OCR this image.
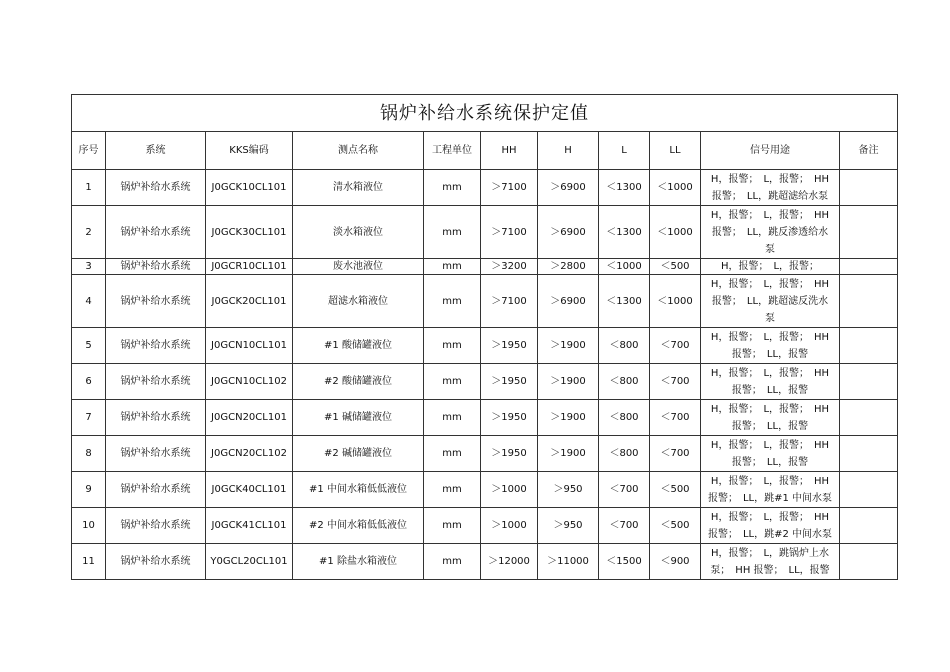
锅炉补给水系统保护定值										
序号	系统	KKS编码	测点名称	工程单位	HH	H	L	LL	信号用途	备注
1	锅炉补给水系统	J0GCK10CL101	清水箱液位	mm	＞7100	＞6900	＜1300	＜1000	H，报警；　L，报警；　HH
报警；　LL，跳超滤给水泵	

2	锅炉补给水系统	J0GCK30CL101	淡水箱液位	mm	＞7100	＞6900	＜1300	＜1000	H，报警；　L，报警；　HH
报警；　LL，跳反渗透给水
泵	

3	锅炉补给水系统	J0GCR10CL101	废水池液位	mm	＞3200	＞2800	＜1000	＜500	H，报警；　L，报警；	

4	锅炉补给水系统	J0GCK20CL101	超滤水箱液位	mm	＞7100	＞6900	＜1300	＜1000	H，报警；　L，报警；　HH
报警；　LL，跳超滤反洗水
泵	

5	锅炉补给水系统	J0GCN10CL101	#1 酸储罐液位	mm	＞1950	＞1900	＜800	＜700	H，报警；　L，报警；　HH
报警；　LL，报警	

6	锅炉补给水系统	J0GCN10CL102	#2 酸储罐液位	mm	＞1950	＞1900	＜800	＜700	H，报警；　L，报警；　HH
报警；　LL，报警	

7	锅炉补给水系统	J0GCN20CL101	#1 碱储罐液位	mm	＞1950	＞1900	＜800	＜700	H，报警；　L，报警；　HH
报警；　LL，报警	

8	锅炉补给水系统	J0GCN20CL102	#2 碱储罐液位	mm	＞1950	＞1900	＜800	＜700	H，报警；　L，报警；　HH
报警；　LL，报警	

9	锅炉补给水系统	J0GCK40CL101	#1 中间水箱低低液位	mm	＞1000	＞950	＜700	＜500	H，报警；　L，报警；　HH
报警；　LL，跳#1 中间水泵	

10	锅炉补给水系统	J0GCK41CL101	#2 中间水箱低低液位	mm	＞1000	＞950	＜700	＜500	H，报警；　L，报警；　HH
报警；　LL，跳#2 中间水泵	

11	锅炉补给水系统	Y0GCL20CL101	#1 除盐水箱液位	mm	＞12000	＞11000	＜1500	＜900	H，报警；　L，跳锅炉上水
泵；　HH 报警；　LL，报警	
